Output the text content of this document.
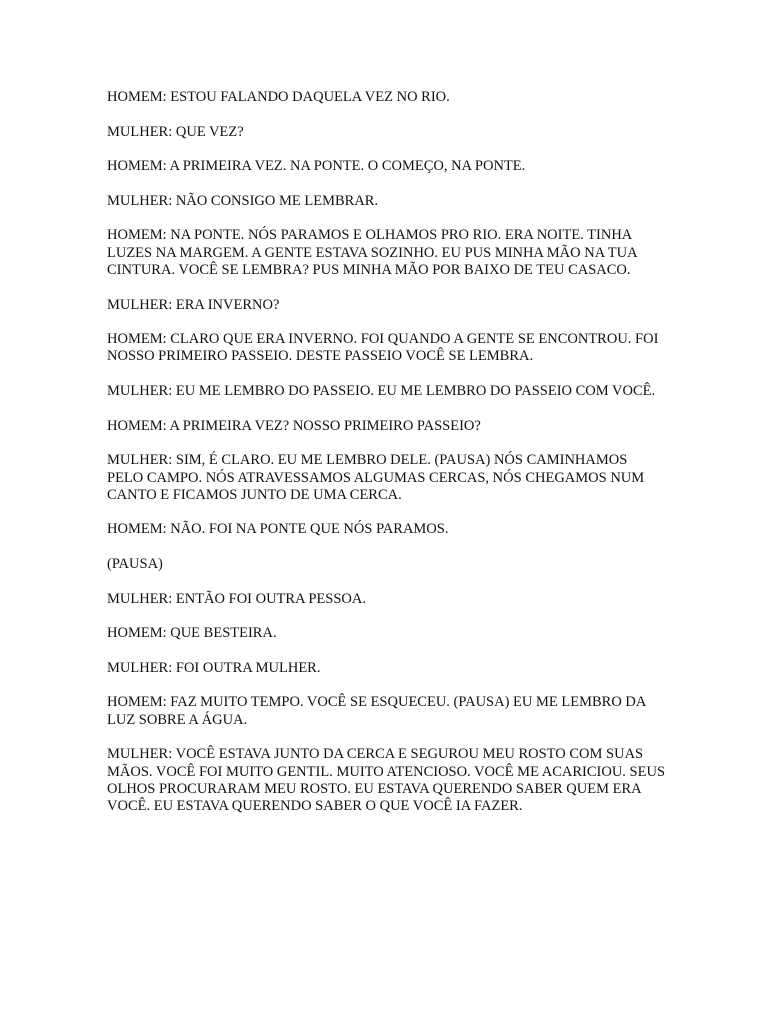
HOMEM: ESTOU FALANDO DAQUELA VEZ NO RIO.

MULHER: QUE VEZ?

HOMEM: A PRIMEIRA VEZ. NA PONTE. O COMEÇO, NA PONTE.

MULHER: NÃO CONSIGO ME LEMBRAR.

HOMEM: NA PONTE. NÓS PARAMOS E OLHAMOS PRO RIO. ERA NOITE. TINHA LUZES NA MARGEM. A GENTE ESTAVA SOZINHO. EU PUS MINHA MÃO NA TUA CINTURA. VOCÊ SE LEMBRA? PUS MINHA MÃO POR BAIXO DE TEU CASACO.

MULHER: ERA INVERNO?

HOMEM: CLARO QUE ERA INVERNO. FOI QUANDO A GENTE SE ENCONTROU. FOI NOSSO PRIMEIRO PASSEIO. DESTE PASSEIO VOCÊ SE LEMBRA.

MULHER: EU ME LEMBRO DO PASSEIO. EU ME LEMBRO DO PASSEIO COM VOCÊ.

HOMEM: A PRIMEIRA VEZ? NOSSO PRIMEIRO PASSEIO?

MULHER: SIM, É CLARO. EU ME LEMBRO DELE. (PAUSA) NÓS CAMINHAMOS PELO CAMPO. NÓS ATRAVESSAMOS ALGUMAS CERCAS, NÓS CHEGAMOS NUM CANTO E FICAMOS JUNTO DE UMA CERCA.

HOMEM: NÃO. FOI NA PONTE QUE NÓS PARAMOS.

(PAUSA)

MULHER: ENTÃO FOI OUTRA PESSOA.

HOMEM: QUE BESTEIRA.

MULHER: FOI OUTRA MULHER.

HOMEM: FAZ MUITO TEMPO. VOCÊ SE ESQUECEU. (PAUSA) EU ME LEMBRO DA LUZ SOBRE A ÁGUA.

MULHER: VOCÊ ESTAVA JUNTO DA CERCA E SEGUROU MEU ROSTO COM SUAS MÃOS. VOCÊ FOI MUITO GENTIL. MUITO ATENCIOSO. VOCÊ ME ACARICIOU. SEUS OLHOS PROCURARAM MEU ROSTO. EU ESTAVA QUERENDO SABER QUEM ERA VOCÊ. EU ESTAVA QUERENDO SABER O QUE VOCÊ IA FAZER.
